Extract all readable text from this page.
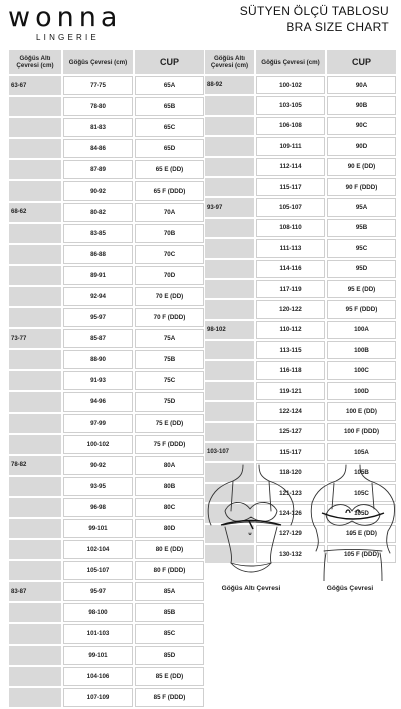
wonna
LINGERIE
SÜTYEN ÖLÇÜ TABLOSU
BRA SIZE CHART
Göğüs Altı Çevresi (cm)	Göğüs Çevresi (cm)	CUP
63-67	77-75	65A
	78-80	65B
	81-83	65C
	84-86	65D
	87-89	65 E (DD)
	90-92	65 F (DDD)
68-62	80-82	70A
	83-85	70B
	86-88	70C
	89-91	70D
	92-94	70 E (DD)
	95-97	70 F (DDD)
73-77	85-87	75A
	88-90	75B
	91-93	75C
	94-96	75D
	97-99	75 E (DD)
	100-102	75 F (DDD)
78-82	90-92	80A
	93-95	80B
	96-98	80C
	99-101	80D
	102-104	80 E (DD)
	105-107	80 F (DDD)
83-87	95-97	85A
	98-100	85B
	101-103	85C
	99-101	85D
	104-106	85 E (DD)
	107-109	85 F (DDD)
Göğüs Altı Çevresi (cm)	Göğüs Çevresi (cm)	CUP
88-92	100-102	90A
	103-105	90B
	106-108	90C
	109-111	90D
	112-114	90 E (DD)
	115-117	90 F (DDD)
93-97	105-107	95A
	108-110	95B
	111-113	95C
	114-116	95D
	117-119	95 E (DD)
	120-122	95 F (DDD)
98-102	110-112	100A
	113-115	100B
	116-118	100C
	119-121	100D
	122-124	100 E (DD)
	125-127	100 F (DDD)
103-107	115-117	105A
	118-120	105B
	121-123	105C
	124-126	105D
	127-129	105 E (DD)
	130-132	105 F (DDD)
Göğüs Altı Çevresi	Göğüs Çevresi
